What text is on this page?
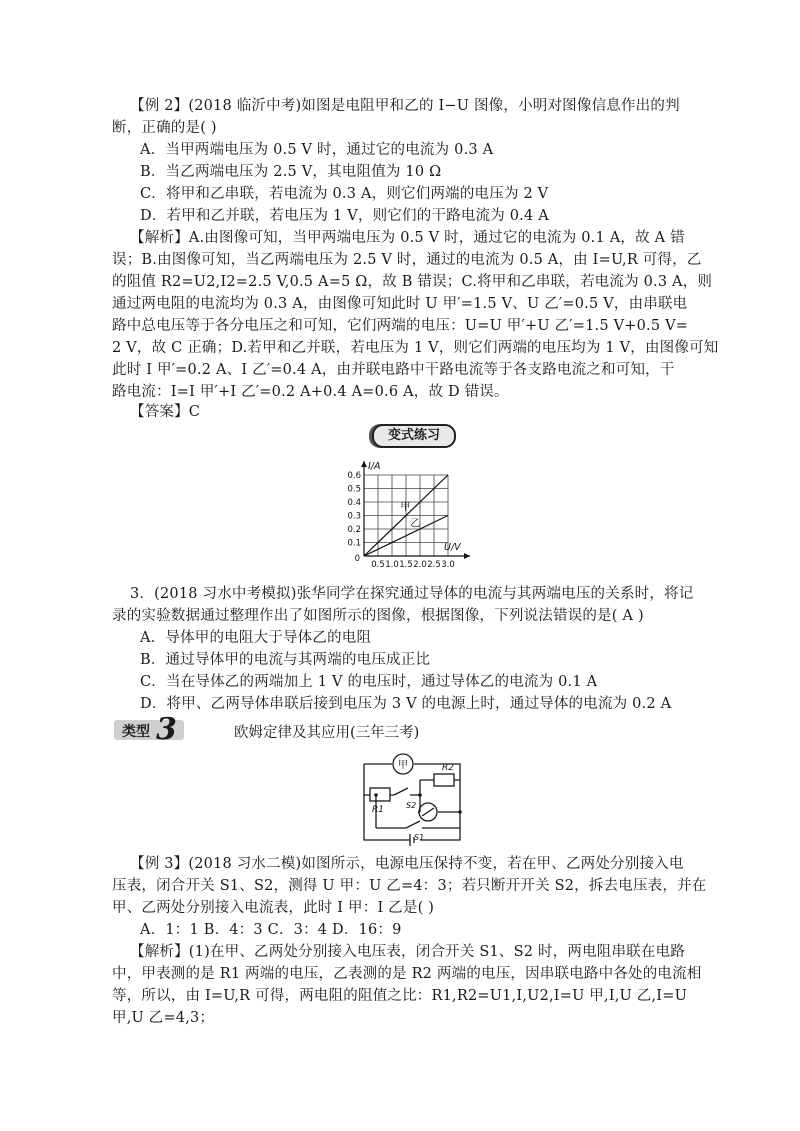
【例 2】(2018 临沂中考)如图是电阻甲和乙的 I−U 图像，小明对图像信息作出的判
断，正确的是( )
A．当甲两端电压为 0.5 V 时，通过它的电流为 0.3 A
B．当乙两端电压为 2.5 V，其电阻值为 10 Ω
C．将甲和乙串联，若电流为 0.3 A，则它们两端的电压为 2 V
D．若甲和乙并联，若电压为 1 V，则它们的干路电流为 0.4 A
【解析】A.由图像可知，当甲两端电压为 0.5 V 时，通过它的电流为 0.1 A，故 A 错
误；B.由图像可知，当乙两端电压为 2.5 V 时，通过的电流为 0.5 A，由 I=U,R 可得，乙
的阻值 R2=U2,I2=2.5 V,0.5 A=5 Ω，故 B 错误；C.将甲和乙串联，若电流为 0.3 A，则
通过两电阻的电流均为 0.3 A，由图像可知此时 U 甲′=1.5 V、U 乙′=0.5 V，由串联电
路中总电压等于各分电压之和可知，它们两端的电压：U=U 甲′+U 乙′=1.5 V+0.5 V=
2 V，故 C 正确；D.若甲和乙并联，若电压为 1 V，则它们两端的电压均为 1 V，由图像可知
此时 I 甲′=0.2 A、I 乙′=0.4 A，由并联电路中干路电流等于各支路电流之和可知，干
路电流：I=I 甲′+I 乙′=0.2 A+0.4 A=0.6 A，故 D 错误。
【答案】C
变式练习
甲
乙
0.5 1.0 1.5 2.0 2.5 3.0
0.1
0.2
0.3
0.4
0.5
0.6
0
U/V
I/A
3．(2018 习水中考模拟)张华同学在探究通过导体的电流与其两端电压的关系时，将记
录的实验数据通过整理作出了如图所示的图像，根据图像，下列说法错误的是( A )
A．导体甲的电阻大于导体乙的电阻
B．通过导体甲的电流与其两端的电压成正比
C．当在导体乙的两端加上 1 V 的电压时，通过导体乙的电流为 0.1 A
D．将甲、乙两导体串联后接到电压为 3 V 的电源上时，通过导体的电流为 0.2 A
类型 3	欧姆定律及其应用(三年三考)
甲
R1
R2
S2
S1
【例 3】(2018 习水二模)如图所示，电源电压保持不变，若在甲、乙两处分别接入电
压表，闭合开关 S1、S2，测得 U 甲：U 乙=4：3；若只断开开关 S2，拆去电压表，并在
甲、乙两处分别接入电流表，此时 I 甲：I 乙是( )
A．1：1 B．4：3 C．3：4 D．16：9
【解析】(1)在甲、乙两处分别接入电压表，闭合开关 S1、S2 时，两电阻串联在电路
中，甲表测的是 R1 两端的电压，乙表测的是 R2 两端的电压，因串联电路中各处的电流相
等，所以，由 I=U,R 可得，两电阻的阻值之比：R1,R2=U1,I,U2,I=U 甲,I,U 乙,I=U
甲,U 乙=4,3；
